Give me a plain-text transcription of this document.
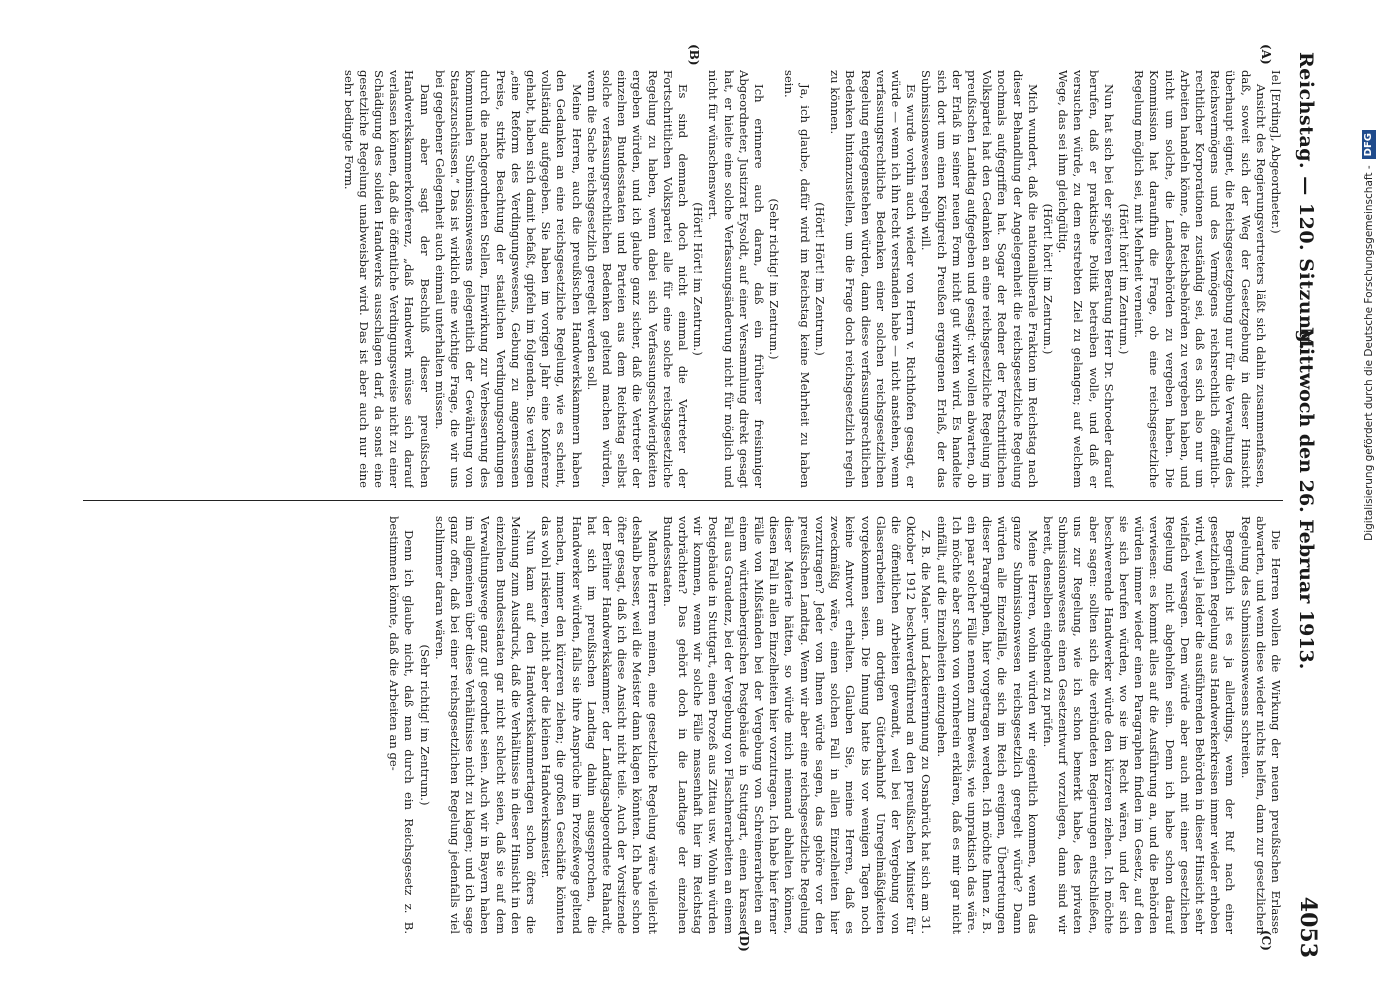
Reichstag. — 120. Sitzung.
Mittwoch den 26. Februar 1913.
4053
(A)
(B)
(C)
(D)

Iel [Erding], Abgeordneter.)

Ansicht des Regierungsvertreters läßt sich dahin zusammenfassen, daß, soweit sich der Weg der Gesetzgebung in dieser Hinsicht überhaupt eignet, die Reichsgesetzgebung nur für die Verwaltung des Reichsvermögens und des Vermögens reichsrechtlich öffentlich-rechtlicher Korporationen zuständig sei, daß es sich also nur um Arbeiten handeln könne, die Reichsbehörden zu vergeben haben, und nicht um solche, die Landesbehörden zu vergeben haben. Die Kommission hat daraufhin die Frage, ob eine reichsgesetzliche Regelung möglich sei, mit Mehrheit verneint.

(Hört! hört! im Zentrum.)

Nun hat sich bei der späteren Beratung Herr Dr. Schroeder darauf berufen, daß er praktische Politik betreiben wolle, und daß er versuchen würde, zu dem erstrebten Ziel zu gelangen; auf welchem Wege, das sei ihm gleichgültig.

(Hört! hört! im Zentrum.)

Mich wundert, daß die nationalliberale Fraktion im Reichstag nach dieser Behandlung der Angelegenheit die reichsgesetzliche Regelung nochmals aufgegriffen hat. Sogar der Redner der Fortschrittlichen Volkspartei hat den Gedanken an eine reichsgesetzliche Regelung im preußischen Landtag aufgegeben und gesagt: wir wollen abwarten, ob der Erlaß in seiner neuen Form nicht gut wirken wird. Es handelte sich dort um einen Königreich Preußen ergangenen Erlaß, der das Submissionswesen regeln will.

Es wurde vorhin auch wieder von Herrn v. Richthofen gesagt, er würde — wenn ich ihn recht verstanden habe — nicht anstehen, wenn verfassungsrechtliche Bedenken einer solchen reichsgesetzlichen Regelung entgegenstehen würden, dann diese verfassungsrechtlichen Bedenken hintanzustellen, um die Frage doch reichsgesetzlich regeln zu können.

(Hört! Hört! im Zentrum.)

Ja, ich glaube, dafür wird im Reichstag keine Mehrheit zu haben sein.

(Sehr richtig! im Zentrum.)

Ich erinnere auch daran, daß ein früherer freisinniger Abgeordneter, Justizrat Eysoldt, auf einer Versammlung direkt gesagt hat, er hielte eine solche Verfassungsänderung nicht für möglich und nicht für wünschenswert.

(Hört! Hört! im Zentrum.)

Es sind demnach doch nicht einmal die Vertreter der Fortschrittlichen Volkspartei alle für eine solche reichsgesetzliche Regelung zu haben, wenn dabei sich Verfassungsschwierigkeiten ergeben würden, und ich glaube ganz sicher, daß die Vertreter der einzelnen Bundesstaaten und Parteien aus dem Reichstag selbst solche verfassungsrechtlichen Bedenken geltend machen würden, wenn die Sache reichsgesetzlich geregelt werden soll.

Meine Herren, auch die preußischen Handwerkskammern haben den Gedanken an eine reichsgesetzliche Regelung, wie es scheint, vollständig aufgegeben. Sie haben im vorigen Jahr eine Konferenz gehabt, haben sich damit befaßt, gipfeln im folgenden. Sie verlangen „eine Reform des Verdingungswesens, Gebung zu angemessenen Preise, strikte Beachtung der staatlichen Verdingungsordnungen durch die nachgeordneten Stellen, Einwirkung zur Verbesserung des kommunalen Submissionswesens gelegentlich der Gewährung von Staatszuschüssen.“ Das ist wirklich eine wichtige Frage, die wir uns bei gegebener Gelegenheit auch einmal unterhalten müssen.

Dann aber sagt der Beschluß dieser preußischen Handwerkskammerkonferenz, „daß Handwerk müsse sich darauf verlassen können, daß die öffentliche Verdingungsweise nicht zu einer Schädigung des soliden Handwerks ausschlagen darf, da sonst eine gesetzliche Regelung unabweisbar wird. Das ist aber auch nur eine sehr bedingte Form.

Die Herren wollen die Wirkung der neuen preußischen Erlasse abwarten, und wenn diese wieder nichts helfen, dann zur gesetzlichen Regelung des Submissionswesens schreiten.

Begreiflich ist es ja allerdings, wenn der Ruf nach einer gesetzlichen Regelung aus Handwerkerkreisen immer wieder erhoben wird, weil ja leider die ausführenden Behörden in dieser Hinsicht sehr vielfach versagen. Dem würde aber auch mit einer gesetzlichen Regelung nicht abgeholfen sein. Denn ich habe schon darauf verwiesen: es kommt alles auf die Ausführung an, und die Behörden würden immer wieder einen Paragraphen finden im Gesetz, auf den sie sich berufen würden, wo sie im Recht wären, und der sich beschwerende Handwerker würde den kürzeren ziehen. Ich möchte aber sagen: sollten sich die verbündeten Regierungen entschließen, uns zur Regelung, wie ich schon bemerkt habe, des privaten Submissionswesens einen Gesetzentwurf vorzulegen, dann sind wir bereit, denselben eingehend zu prüfen.

Meine Herren, wohin würden wir eigentlich kommen, wenn das ganze Submissionswesen reichsgesetzlich geregelt würde? Dann würden alle Einzelfälle, die sich im Reich ereignen, Übertretungen dieser Paragraphen, hier vorgetragen werden. Ich möchte Ihnen z. B. ein paar solcher Fälle nennen zum Beweis, wie unpraktisch das wäre. Ich möchte aber schon von vornherein erklären, daß es mir gar nicht einfällt, auf die Einzelheiten einzugehen.

Z. B. die Maler- und Lackiererinnung zu Osnabrück hat sich am 31. Oktober 1912 beschwerdeführend an den preußischen Minister für die öffentlichen Arbeiten gewandt, weil bei der Vergebung von Glaserarbeiten am dortigen Güterbahnhof Unregelmäßigkeiten vorgekommen seien. Die Innung hatte bis vor wenigen Tagen noch keine Antwort erhalten. Glauben Sie, meine Herren, daß es zweckmäßig wäre, einen solchen Fall in allen Einzelheiten hier vorzutragen? Jeder von Ihnen würde sagen, das gehöre vor den preußischen Landtag. Wenn wir aber eine reichsgesetzliche Regelung dieser Materie hätten, so würde mich niemand abhalten können, diesen Fall in allen Einzelheiten hier vorzutragen. Ich habe hier ferner Fälle von Mißständen bei der Vergebung von Schreinerarbeiten an einem württembergischen Postgebäude in Stuttgart, einen krassen Fall aus Graudenz, bei der Vergebung von Flaschnerarbeiten an einem Postgebäude in Stuttgart, einen Prozeß aus Zittau usw. Wohin würden wir kommen, wenn wir solche Fälle massenhaft hier im Reichstag vorbrächten? Das gehört doch in die Landtage der einzelnen Bundesstaaten.

Manche Herren meinen, eine gesetzliche Regelung wäre vielleicht deshalb besser, weil die Meister dann klagen könnten. Ich habe schon öfter gesagt, daß ich diese Ansicht nicht teile. Auch der Vorsitzende der Berliner Handwerkskammer, der Landtagsabgeordnete Rahardt, hat sich im preußischen Landtag dahin ausgesprochen, die Handwerker würden, falls sie ihre Ansprüche im Prozeßwege geltend machen, immer den kürzeren ziehen; die großen Geschäfte könnten das wohl riskieren, nicht aber die kleinen Handwerksmeister.

Nun kam auf den Handwerkskammertagen schon öfters die Meinung zum Ausdruck, daß die Verhältnisse in dieser Hinsicht in den einzelnen Bundesstaaten gar nicht schlecht seien, daß sie auf dem Verwaltungswege ganz gut geordnet seien. Auch wir in Bayern haben im allgemeinen über diese Verhältnisse nicht zu klagen; und ich sage ganz offen, daß bei einer reichsgesetzlichen Regelung jedenfalls viel schlimmer daran wären.

(Sehr richtig! im Zentrum.)

Denn ich glaube nicht, daß man durch ein Reichsgesetz z. B. bestimmen könnte, daß die Arbeiten an ge-

Digitalisierung gefördert durch die Deutsche Forschungsgemeinschaft -DFG
